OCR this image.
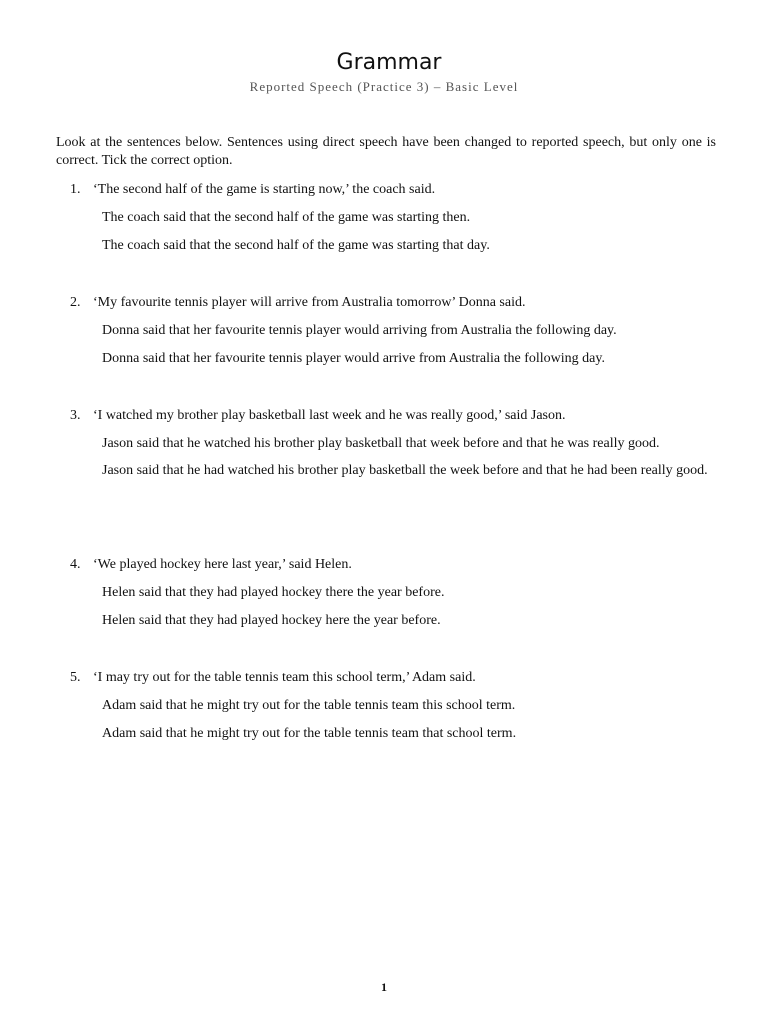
Grammar
Reported Speech (Practice 3) – Basic Level
Look at the sentences below. Sentences using direct speech have been changed to reported speech, but only one is correct. Tick the correct option.
1. ‘The second half of the game is starting now,’ the coach said.
The coach said that the second half of the game was starting then.
The coach said that the second half of the game was starting that day.
2. ‘My favourite tennis player will arrive from Australia tomorrow’ Donna said.
Donna said that her favourite tennis player would arriving from Australia the following day.
Donna said that her favourite tennis player would arrive from Australia the following day.
3. ‘I watched my brother play basketball last week and he was really good,’ said Jason.
Jason said that he watched his brother play basketball that week before and that he was really good.
Jason said that he had watched his brother play basketball the week before and that he had been really good.
4. ‘We played hockey here last year,’ said Helen.
Helen said that they had played hockey there the year before.
Helen said that they had played hockey here the year before.
5. ‘I may try out for the table tennis team this school term,’ Adam said.
Adam said that he might try out for the table tennis team this school term.
Adam said that he might try out for the table tennis team that school term.
1
